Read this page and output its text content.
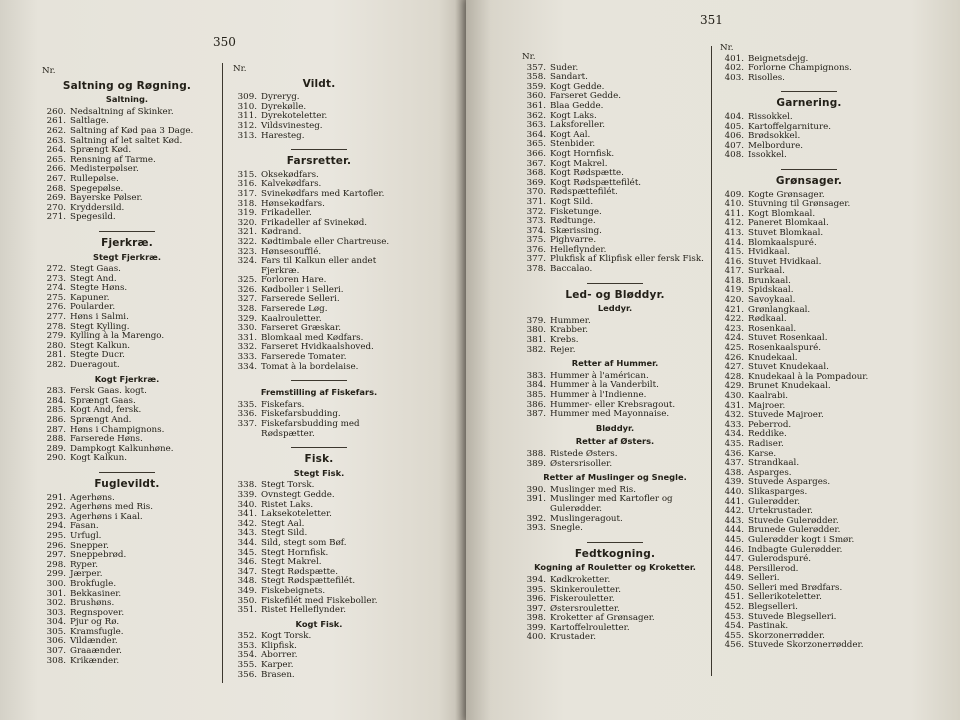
350
Nr.
Saltning og Røgning.
Saltning.
260. Nedsaltning af Skinker.
261. Saltlage.
262. Saltning af Kød paa 3 Dage.
263. Saltning af let saltet Kød.
264. Sprængt Kød.
265. Rensning af Tarme.
266. Medisterpølser.
267. Rullepølse.
268. Spegepølse.
269. Bayerske Pølser.
270. Kryddersild.
271. Spegesild.
Fjerkræ.
Stegt Fjerkræ.
272. Stegt Gaas.
273. Stegt And.
274. Stegte Høns.
275. Kapuner.
276. Poularder.
277. Høns i Salmi.
278. Stegt Kylling.
279. Kylling à la Marengo.
280. Stegt Kalkun.
281. Stegte Ducr.
282. Dueragout.
Kogt Fjerkræ.
283. Fersk Gaas. kogt.
284. Sprængt Gaas.
285. Kogt And, fersk.
286. Sprængt And.
287. Høns i Champignons.
288. Farserede Høns.
289. Dampkogt Kalkunhøne.
290. Kogt Kalkun.
Fuglevildt.
291. Agerhøns.
292. Agerhøns med Ris.
293. Agerhøns i Kaal.
294. Fasan.
295. Urfugl.
296. Snepper.
297. Sneppebrød.
298. Ryper.
299. Jærper.
300. Brokfugle.
301. Bekkasiner.
302. Brushøns.
303. Regnspover.
304. Pjur og Rø.
305. Kramsfugle.
306. Vildænder.
307. Graaænder.
308. Krikænder.
Nr.
Vildt.
309. Dyreryg.
310. Dyrekølle.
311. Dyrekoteletter.
312. Vildsvinesteg.
313. Haresteg.
Farsretter.
315. Oksekødfars.
316. Kalvekødfars.
317. Svinekødfars med Kartofler.
318. Hønsekødfars.
319. Frikadeller.
320. Frikadeller af Svinekød.
321. Kødrand.
322. Kødtimbale eller Chartreuse.
323. Hønsesoufflé.
324. Fars til Kalkun eller andet Fjerkræ.
325. Forloren Hare.
326. Kødboller i Selleri.
327. Farserede Selleri.
328. Farserede Løg.
329. Kaalrouletter.
330. Farseret Græskar.
331. Blomkaal med Kødfars.
332. Farseret Hvidkaalshoved.
333. Farserede Tomater.
334. Tomat à la bordelaise.
Fremstilling af Fiskefars.
335. Fiskefars.
336. Fiskefarsbudding.
337. Fiskefarsbudding med Rødspætter.
Fisk.
Stegt Fisk.
338. Stegt Torsk.
339. Ovnstegt Gedde.
340. Ristet Laks.
341. Laksekoteletter.
342. Stegt Aal.
343. Stegt Sild.
344. Sild, stegt som Bøf.
345. Stegt Hornfisk.
346. Stegt Makrel.
347. Stegt Rødspætte.
348. Stegt Rødspættefilét.
349. Fiskebeignets.
350. Fiskefilét med Fiskeboller.
351. Ristet Helleflynder.
Kogt Fisk.
352. Kogt Torsk.
353. Klipfisk.
354. Aborrer.
355. Karper.
356. Brasen.
351
Nr.
357. Suder.
358. Sandart.
359. Kogt Gedde.
360. Farseret Gedde.
361. Blaa Gedde.
362. Kogt Laks.
363. Laksforeller.
364. Kogt Aal.
365. Stenbider.
366. Kogt Hornfisk.
367. Kogt Makrel.
368. Kogt Rødspætte.
369. Kogt Rødspættefilét.
370. Rødspættefilét.
371. Kogt Sild.
372. Fisketunge.
373. Rødtunge.
374. Skærissing.
375. Pighvarre.
376. Helleflynder.
377. Plukfisk af Klipfisk eller fersk Fisk.
378. Baccalao.
Led- og Bløddyr.
Leddyr.
379. Hummer.
380. Krabber.
381. Krebs.
382. Rejer.
Retter af Hummer.
383. Hummer à l'américan.
384. Hummer à la Vanderbilt.
385. Hummer à l'Indienne.
386. Hummer- eller Krebsragout.
387. Hummer med Mayonnaise.
Bløddyr.
Retter af Østers.
388. Ristede Østers.
389. Østersrisoller.
Retter af Muslinger og Snegle.
390. Muslinger med Ris.
391. Muslinger med Kartofler og Gulerødder.
392. Muslingeragout.
393. Snegle.
Fedtkogning.
Kogning af Rouletter og Kroketter.
394. Kødkroketter.
395. Skinkerouletter.
396. Fiskerouletter.
397. Østersrouletter.
398. Kroketter af Grønsager.
399. Kartoffelrouletter.
400. Krustader.
Nr.
401. Beignetsdejg.
402. Forlorne Champignons.
403. Risolles.
Garnering.
404. Rissokkel.
405. Kartoffelgarniture.
406. Brødsokkel.
407. Melbordure.
408. Issokkel.
Grønsager.
409. Kogte Grønsager.
410. Stuvning til Grønsager.
411. Kogt Blomkaal.
412. Paneret Blomkaal.
413. Stuvet Blomkaal.
414. Blomkaalspuré.
415. Hvidkaal.
416. Stuvet Hvidkaal.
417. Surkaal.
418. Brunkaal.
419. Spidskaal.
420. Savoykaal.
421. Grønlangkaal.
422. Rødkaal.
423. Rosenkaal.
424. Stuvet Rosenkaal.
425. Rosenkaalspuré.
426. Knudekaal.
427. Stuvet Knudekaal.
428. Knudekaal à la Pompadour.
429. Brunet Knudekaal.
430. Kaalrabi.
431. Majroer.
432. Stuvede Majroer.
433. Peberrod.
434. Reddike.
435. Radiser.
436. Karse.
437. Strandkaal.
438. Asparges.
439. Stuvede Asparges.
440. Slikasparges.
441. Gulerødder.
442. Urtekrustader.
443. Stuvede Gulerødder.
444. Brunede Gulerødder.
445. Gulerødder kogt i Smør.
446. Indbagte Gulerødder.
447. Gulerodspuré.
448. Persillerod.
449. Selleri.
450. Selleri med Brødfars.
451. Sellerikoteletter.
452. Blegselleri.
453. Stuvede Blegselleri.
454. Pastinak.
455. Skorzonerrødder.
456. Stuvede Skorzonerrødder.
